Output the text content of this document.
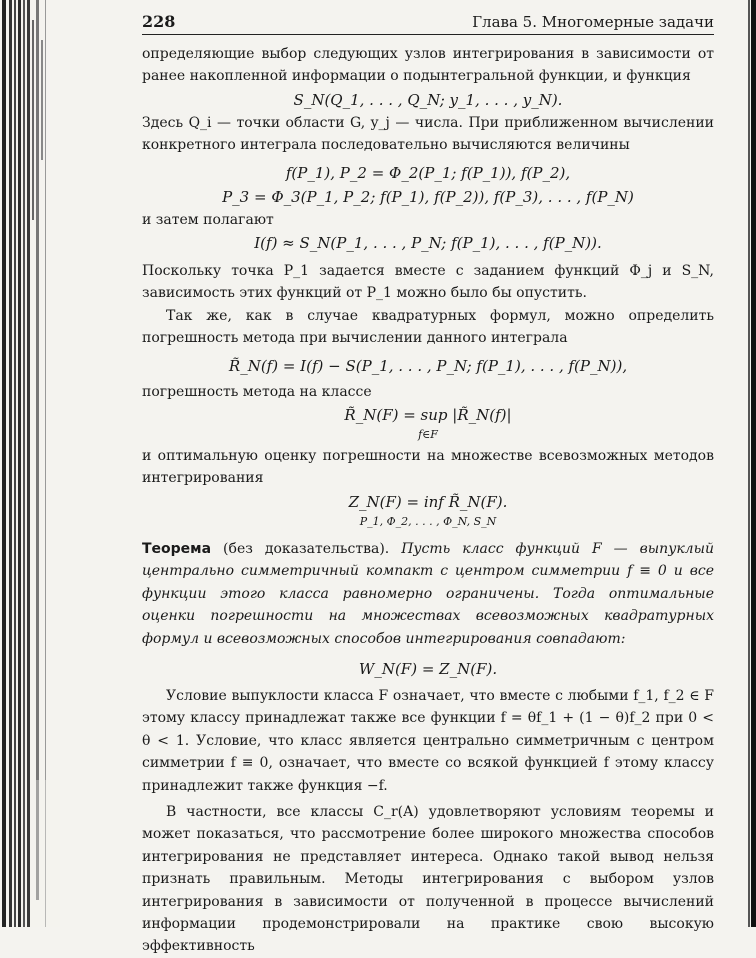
228	Глава 5. Многомерные задачи

определяющие выбор следующих узлов интегрирования в зависимости от ранее накопленной информации о подынтегральной функции, и функция

S_N(Q_1, . . . , Q_N; y_1, . . . , y_N).

Здесь Q_i — точки области G, y_j — числа. При приближенном вычислении конкретного интеграла последовательно вычисляются величины

f(P_1), P_2 = Φ_2(P_1; f(P_1)), f(P_2),
P_3 = Φ_3(P_1, P_2; f(P_1), f(P_2)), f(P_3), . . . , f(P_N)

и затем полагают

I(f) ≈ S_N(P_1, . . . , P_N; f(P_1), . . . , f(P_N)).

Поскольку точка P_1 задается вместе с заданием функций Φ_j и S_N, зависимость этих функций от P_1 можно было бы опустить.

Так же, как в случае квадратурных формул, можно определить погрешность метода при вычислении данного интеграла

R̃_N(f) = I(f) − S(P_1, . . . , P_N; f(P_1), . . . , f(P_N)),

погрешность метода на классе

R̃_N(F) = sup |R̃_N(f)|
f∈F

и оптимальную оценку погрешности на множестве всевозможных методов интегрирования

Z_N(F) = inf R̃_N(F).
P_1, Φ_2, . . . , Φ_N, S_N

Теорема (без доказательства). Пусть класс функций F — выпуклый центрально симметричный компакт с центром симметрии f ≡ 0 и все функции этого класса равномерно ограничены. Тогда оптимальные оценки погрешности на множествах всевозможных квадратурных формул и всевозможных способов интегрирования совпадают:

W_N(F) = Z_N(F).

Условие выпуклости класса F означает, что вместе с любыми f_1, f_2 ∈ F этому классу принадлежат также все функции f = θf_1 + (1 − θ)f_2 при 0 < θ < 1. Условие, что класс является центрально симметричным с центром симметрии f ≡ 0, означает, что вместе со всякой функцией f этому классу принадлежит также функция −f.

В частности, все классы C_r(A) удовлетворяют условиям теоремы и может показаться, что рассмотрение более широкого множества способов интегрирования не представляет интереса. Однако такой вывод нельзя признать правильным. Методы интегрирования с выбором узлов интегрирования в зависимости от полученной в процессе вычислений информации продемонстрировали на практике свою высокую эффективность
